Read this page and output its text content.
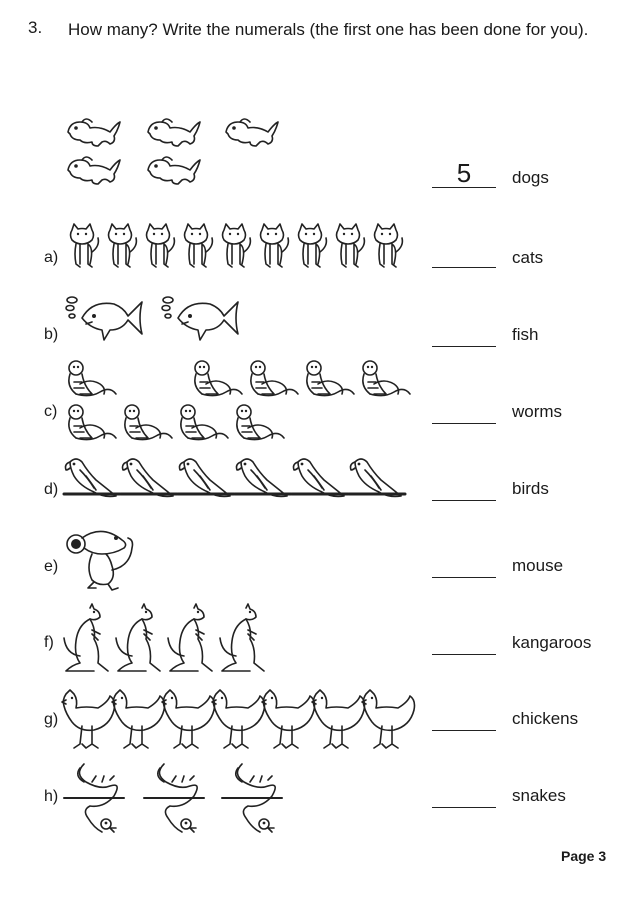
3. How many? Write the numerals (the first one has been done for you).
5	dogs
a)	cats
b)	fish
c)	worms
d)	birds
e)	mouse
f)	kangaroos
g)	chickens
h)	snakes
Page 3
